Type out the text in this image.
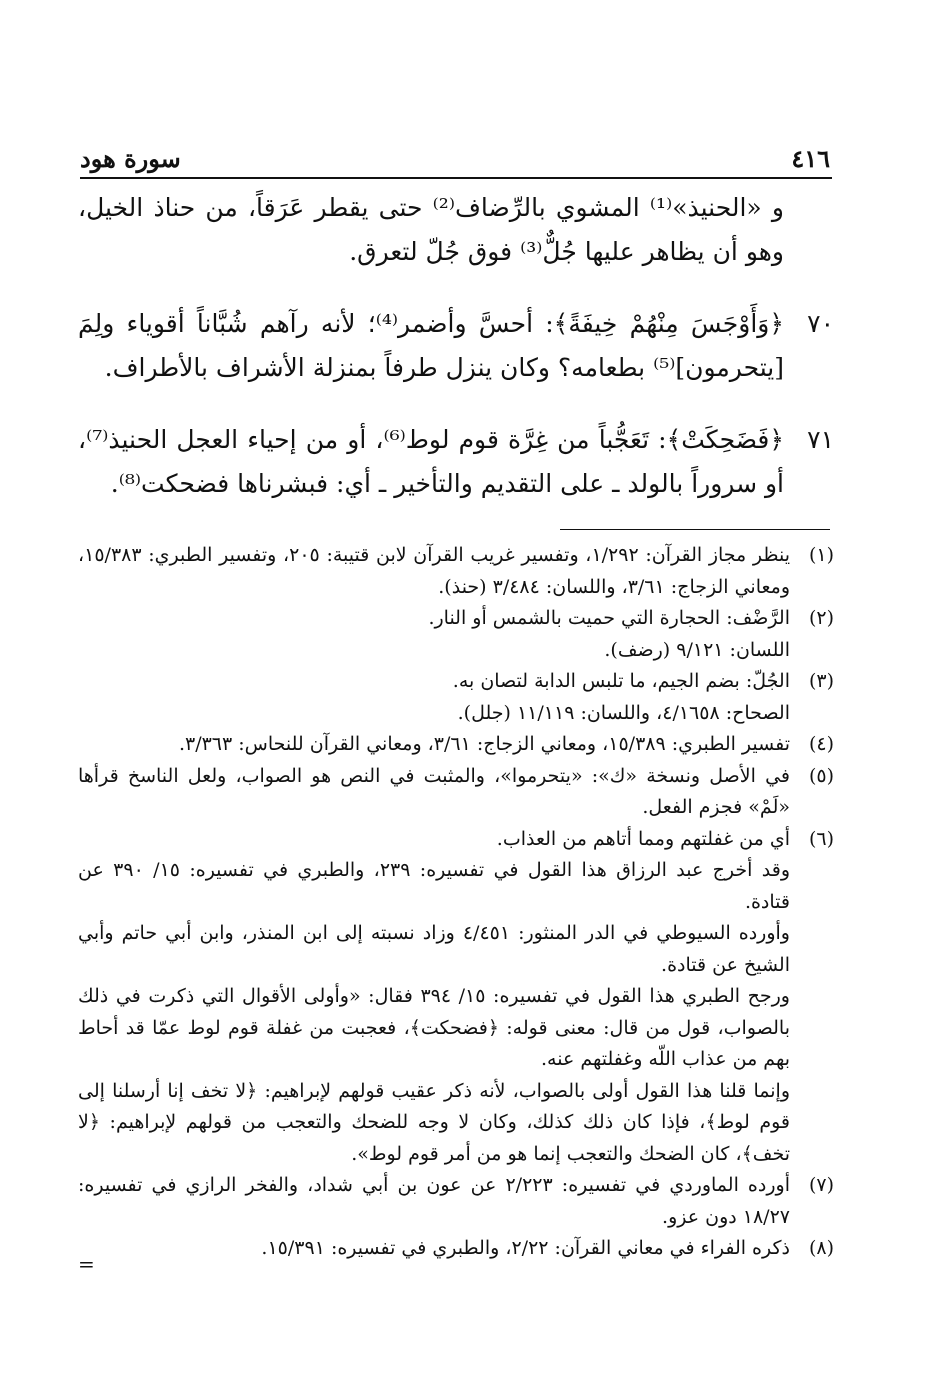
٤١٦
سورة هود
و «الحنيذ»⁽¹⁾ المشوي بالرِّضاف⁽²⁾ حتى يقطر عَرَقاً، من حناذ الخيل، وهو أن يظاهر عليها جُلٌّ⁽³⁾ فوق جُلّ لتعرق.
٧٠
﴿وَأَوْجَسَ مِنْهُمْ خِيفَةً﴾: أحسَّ وأضمر⁽⁴⁾؛ لأنه رآهم شُبَّاناً أقوياء ولِمَ [يتحرمون]⁽⁵⁾ بطعامه؟ وكان ينزل طرفاً بمنزلة الأشراف بالأطراف.
٧١
﴿فَضَحِكَتْ﴾: تَعَجُّباً من غِرَّة قوم لوط⁽⁶⁾، أو من إحياء العجل الحنيذ⁽⁷⁾، أو سروراً بالولد ـ على التقديم والتأخير ـ أي: فبشرناها فضحكت⁽⁸⁾.
(١)
ينظر مجاز القرآن: ١/٢٩٢، وتفسير غريب القرآن لابن قتيبة: ٢٠٥، وتفسير الطبري: ١٥/٣٨٣، ومعاني الزجاج: ٣/٦١، واللسان: ٣/٤٨٤ (حنذ).
(٢)
الرَّضْف: الحجارة التي حميت بالشمس أو النار.
اللسان: ٩/١٢١ (رضف).
(٣)
الجُلّ: بضم الجيم، ما تلبس الدابة لتصان به.
الصحاح: ٤/١٦٥٨، واللسان: ١١/١١٩ (جلل).
(٤)
تفسير الطبري: ١٥/٣٨٩، ومعاني الزجاج: ٣/٦١، ومعاني القرآن للنحاس: ٣/٣٦٣.
(٥)
في الأصل ونسخة «ك»: «يتحرموا»، والمثبت في النص هو الصواب، ولعل الناسخ قرأها «لَمْ» فجزم الفعل.
(٦)
أي من غفلتهم ومما أتاهم من العذاب.
وقد أخرج عبد الرزاق هذا القول في تفسيره: ٢٣٩، والطبري في تفسيره: ١٥/ ٣٩٠ عن قتادة.
وأورده السيوطي في الدر المنثور: ٤/٤٥١ وزاد نسبته إلى ابن المنذر، وابن أبي حاتم وأبي الشيخ عن قتادة.
ورجح الطبري هذا القول في تفسيره: ١٥/ ٣٩٤ فقال: «وأولى الأقوال التي ذكرت في ذلك بالصواب، قول من قال: معنى قوله: ﴿فضحكت﴾، فعجبت من غفلة قوم لوط عمّا قد أحاط بهم من عذاب اللّه وغفلتهم عنه.
وإنما قلنا هذا القول أولى بالصواب، لأنه ذكر عقيب قولهم لإبراهيم: ﴿لا تخف إنا أرسلنا إلى قوم لوط﴾، فإذا كان ذلك كذلك، وكان لا وجه للضحك والتعجب من قولهم لإبراهيم: ﴿لا تخف﴾، كان الضحك والتعجب إنما هو من أمر قوم لوط».
(٧)
أورده الماوردي في تفسيره: ٢/٢٢٣ عن عون بن أبي شداد، والفخر الرازي في تفسيره: ١٨/٢٧ دون عزو.
(٨)
ذكره الفراء في معاني القرآن: ٢/٢٢، والطبري في تفسيره: ١٥/٣٩١.
=
